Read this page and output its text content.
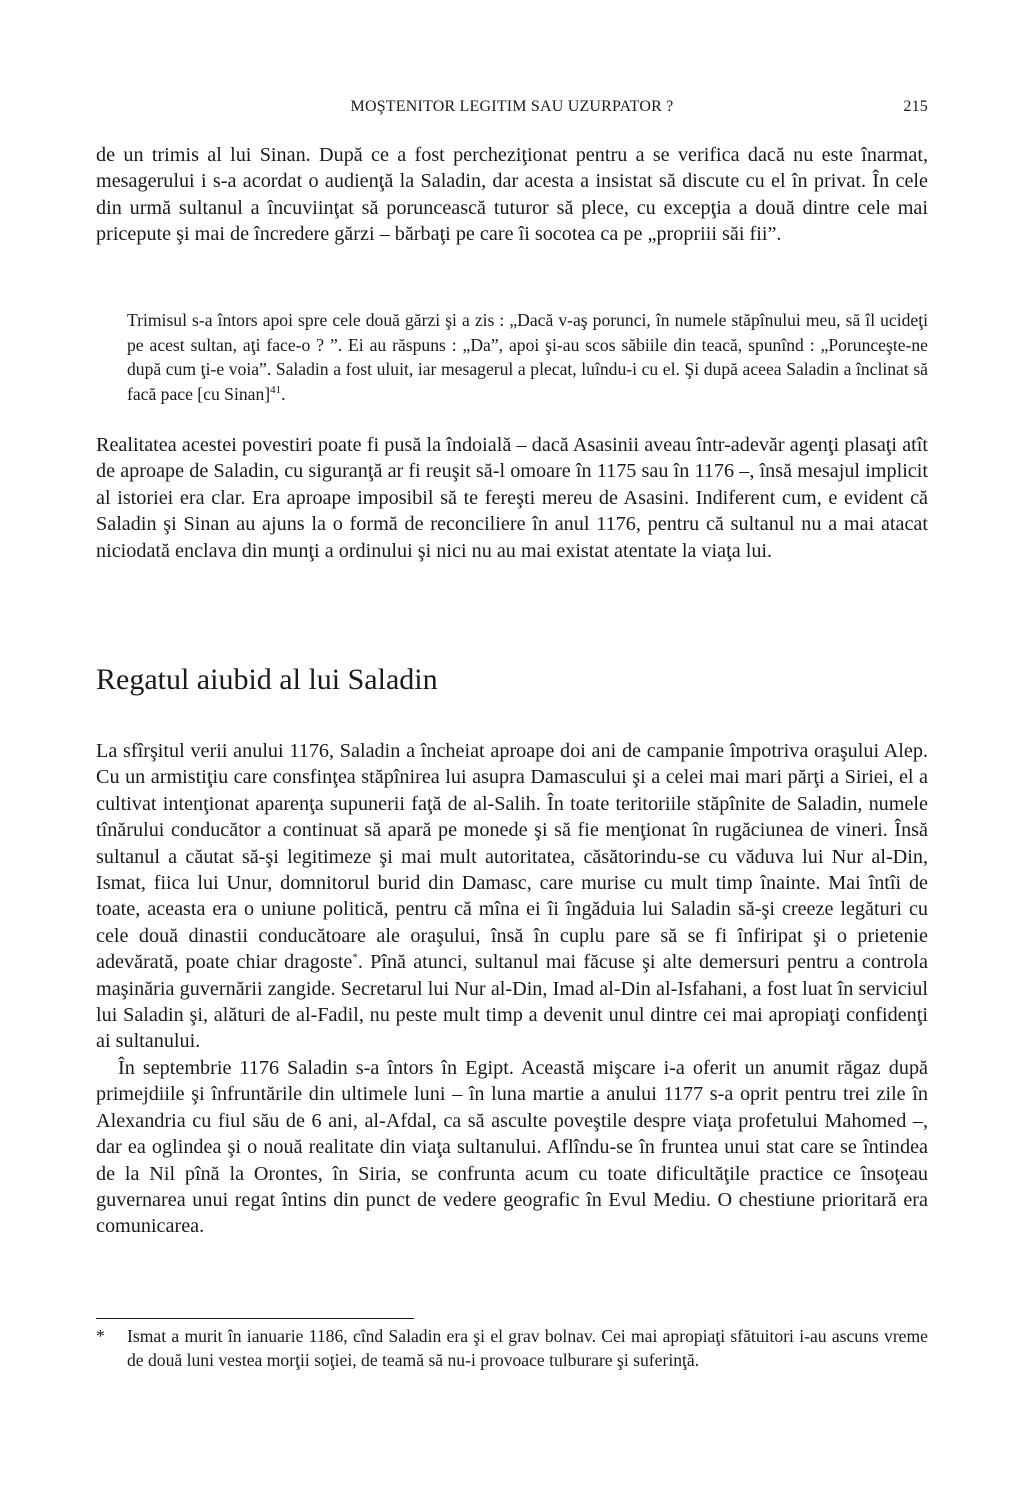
MOŞTENITOR LEGITIM SAU UZURPATOR ?	215

de un trimis al lui Sinan. După ce a fost percheziţionat pentru a se verifica dacă nu este înarmat, mesagerului i s-a acordat o audienţă la Saladin, dar acesta a insistat să discute cu el în privat. În cele din urmă sultanul a încuviinţat să poruncească tuturor să plece, cu excepţia a două dintre cele mai pricepute şi mai de încredere gărzi – bărbaţi pe care îi socotea ca pe „propriii săi fii”.

Trimisul s-a întors apoi spre cele două gărzi şi a zis : „Dacă v-aş porunci, în numele stăpînului meu, să îl ucideţi pe acest sultan, aţi face-o ? ”. Ei au răspuns : „Da”, apoi şi-au scos săbiile din teacă, spunînd : „Porunceşte-ne după cum ţi-e voia”. Saladin a fost uluit, iar mesagerul a plecat, luîndu-i cu el. Şi după aceea Saladin a înclinat să facă pace [cu Sinan]$^{41}$.

Realitatea acestei povestiri poate fi pusă la îndoială – dacă Asasinii aveau într-adevăr agenţi plasaţi atît de aproape de Saladin, cu siguranţă ar fi reuşit să-l omoare în 1175 sau în 1176 –, însă mesajul implicit al istoriei era clar. Era aproape imposibil să te fereşti mereu de Asasini. Indiferent cum, e evident că Saladin şi Sinan au ajuns la o formă de reconciliere în anul 1176, pentru că sultanul nu a mai atacat niciodată enclava din munţi a ordinului şi nici nu au mai existat atentate la viaţa lui.

Regatul aiubid al lui Saladin

La sfîrşitul verii anului 1176, Saladin a încheiat aproape doi ani de campanie împotriva oraşului Alep. Cu un armistiţiu care consfinţea stăpînirea lui asupra Damascului şi a celei mai mari părţi a Siriei, el a cultivat intenţionat aparenţa supunerii faţă de al-Salih. În toate teritoriile stăpînite de Saladin, numele tînărului conducător a continuat să apară pe monede şi să fie menţionat în rugăciunea de vineri. Însă sultanul a căutat să-şi legitimeze şi mai mult autoritatea, căsătorindu-se cu văduva lui Nur al-Din, Ismat, fiica lui Unur, domnitorul burid din Damasc, care murise cu mult timp înainte. Mai întîi de toate, aceasta era o uniune politică, pentru că mîna ei îi îngăduia lui Saladin să-şi creeze legături cu cele două dinastii conducătoare ale oraşului, însă în cuplu pare să se fi înfiripat şi o prietenie adevărată, poate chiar dragoste*. Pînă atunci, sultanul mai făcuse şi alte demersuri pentru a controla maşinăria guvernării zangide. Secretarul lui Nur al-Din, Imad al-Din al-Isfahani, a fost luat în serviciul lui Saladin şi, alături de al-Fadil, nu peste mult timp a devenit unul dintre cei mai apropiaţi confidenţi ai sultanului.

În septembrie 1176 Saladin s-a întors în Egipt. Această mişcare i-a oferit un anumit răgaz după primejdiile şi înfruntările din ultimele luni – în luna martie a anului 1177 s-a oprit pentru trei zile în Alexandria cu fiul său de 6 ani, al-Afdal, ca să asculte poveştile despre viaţa profetului Mahomed –, dar ea oglindea şi o nouă realitate din viaţa sultanului. Aflîndu-se în fruntea unui stat care se întindea de la Nil pînă la Orontes, în Siria, se confrunta acum cu toate dificultăţile practice ce însoţeau guvernarea unui regat întins din punct de vedere geografic în Evul Mediu. O chestiune prioritară era comunicarea.

* Ismat a murit în ianuarie 1186, cînd Saladin era şi el grav bolnav. Cei mai apropiaţi sfătuitori i-au ascuns vreme de două luni vestea morţii soţiei, de teamă să nu-i provoace tulburare şi suferinţă.
